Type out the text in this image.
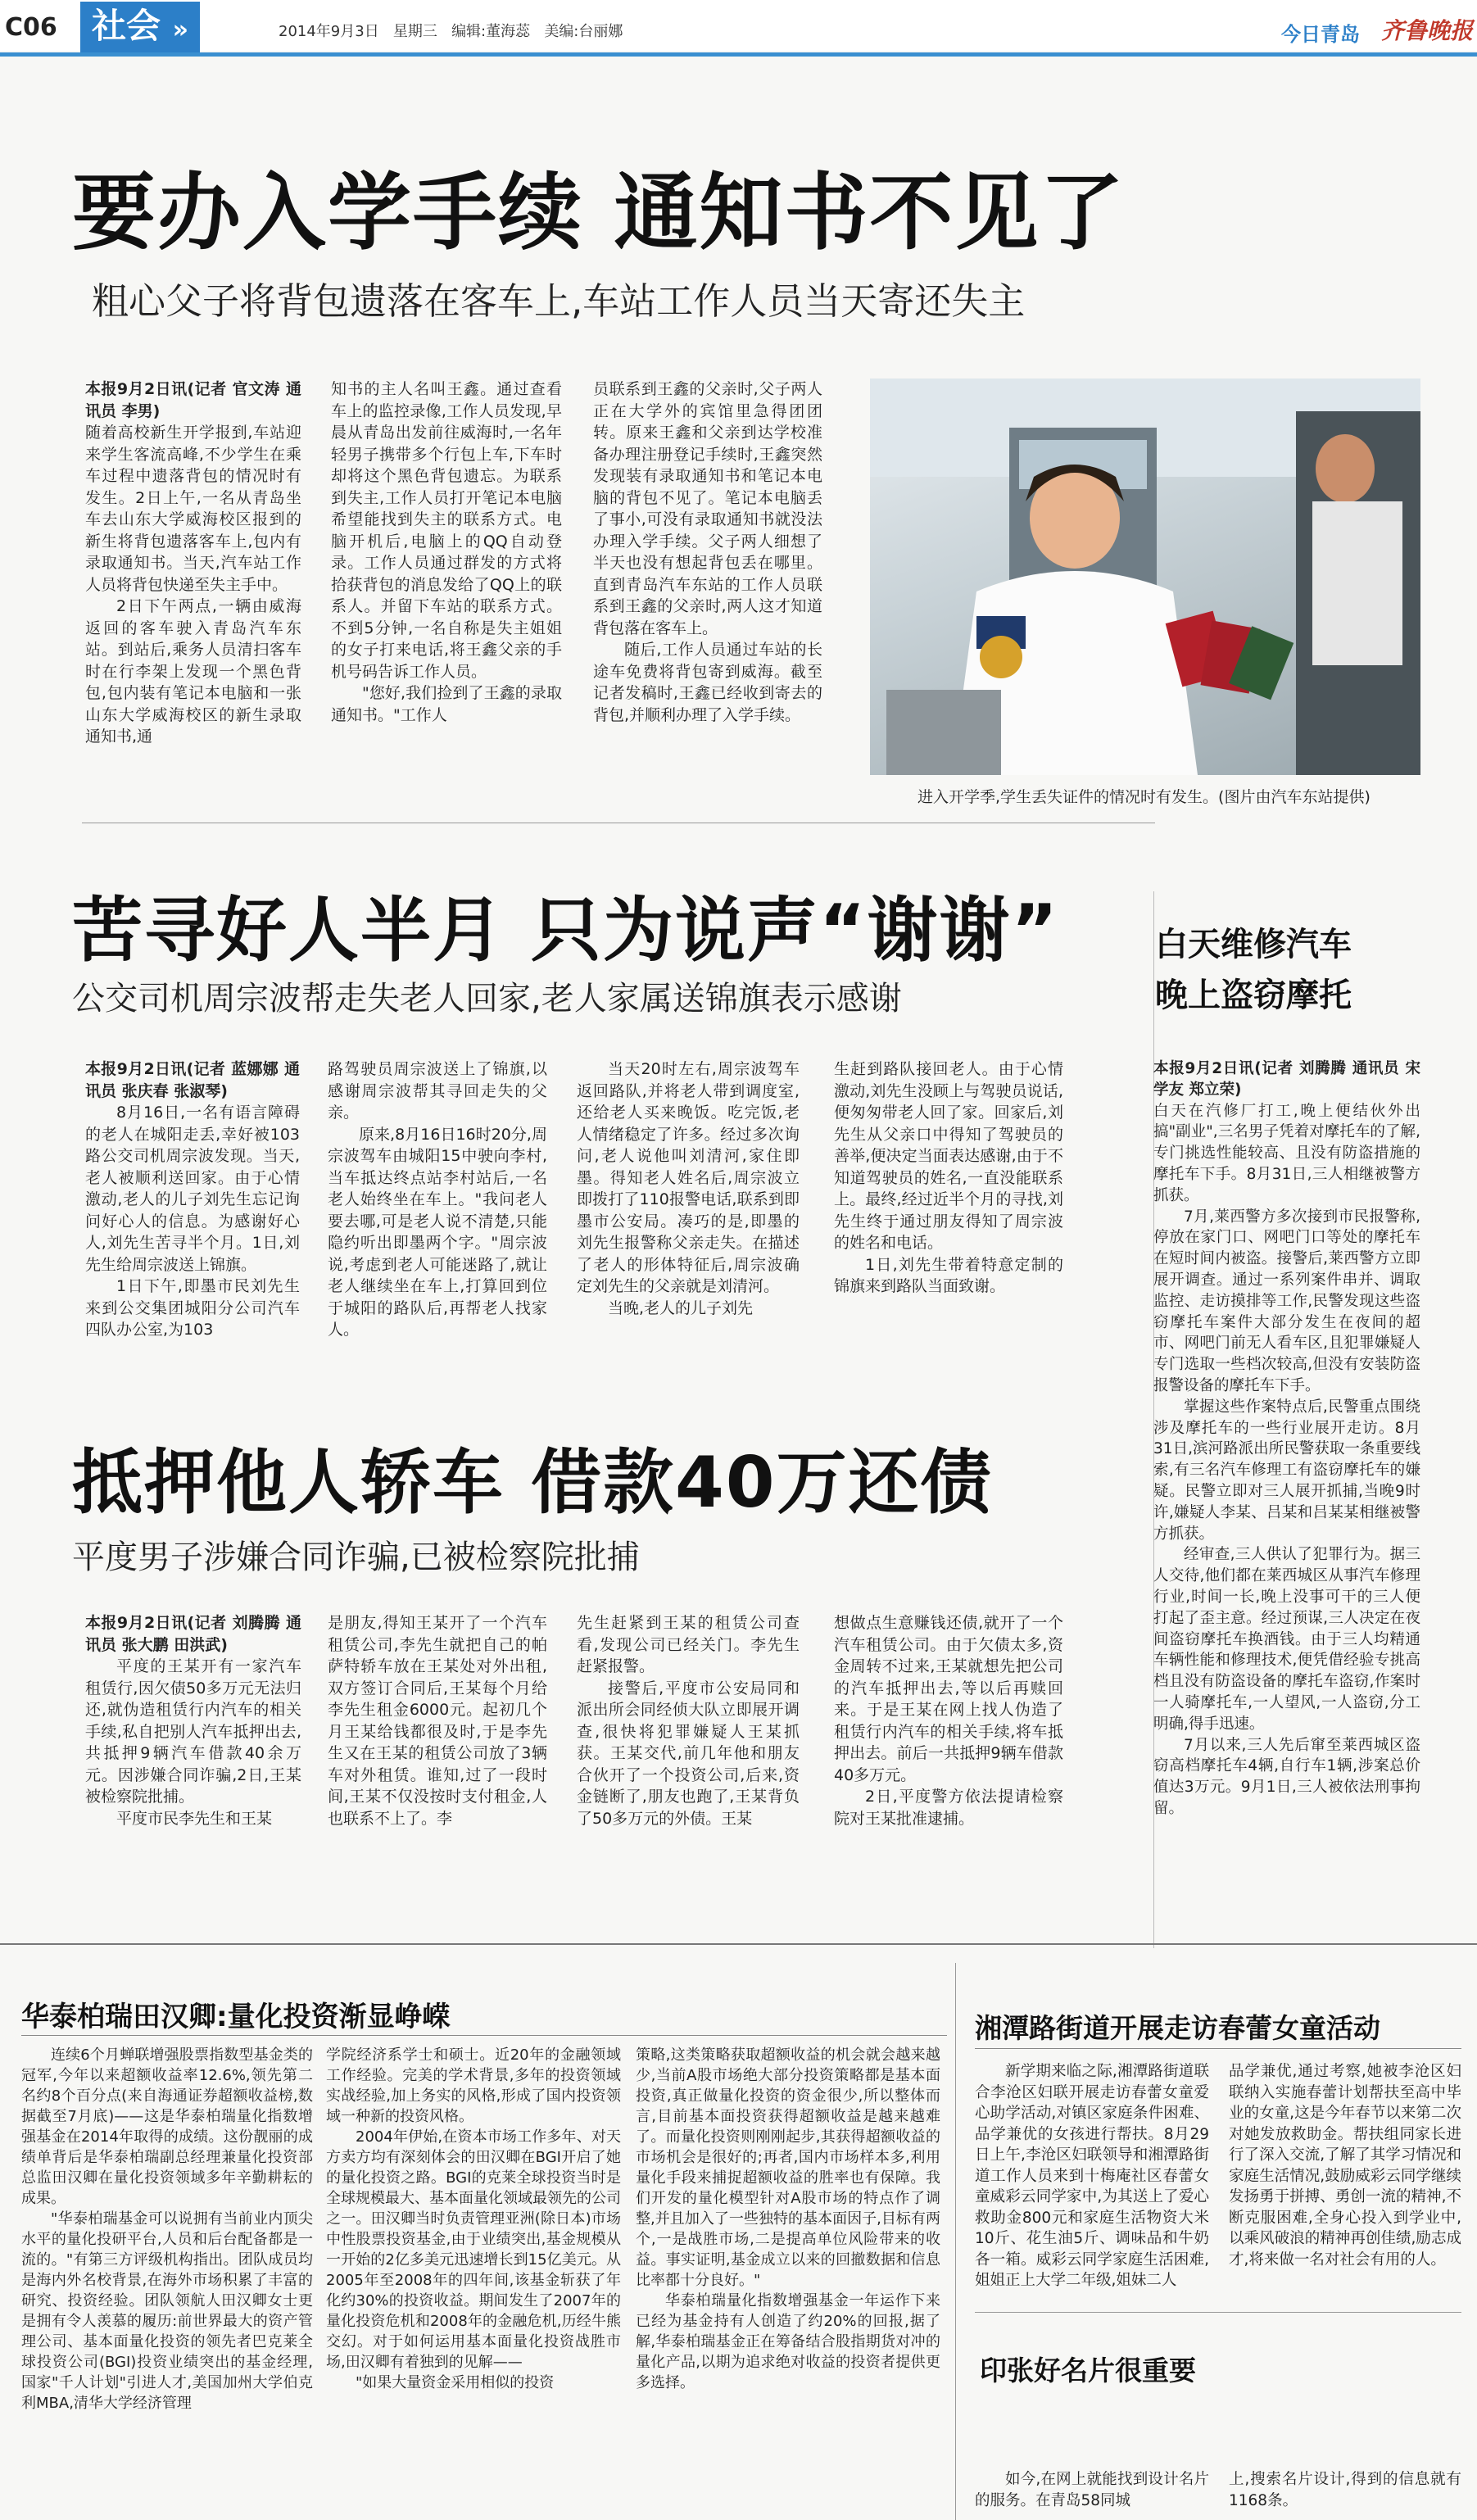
C06	社会 »	2014年9月3日 星期三 编辑:董海蕊 美编:台丽娜	今日青岛 齐鲁晚报
要办入学手续 通知书不见了
粗心父子将背包遗落在客车上,车站工作人员当天寄还失主

本报9月2日讯(记者 官文涛 通讯员 李男)

随着高校新生开学报到,车站迎来学生客流高峰,不少学生在乘车过程中遗落背包的情况时有发生。2日上午,一名从青岛坐车去山东大学威海校区报到的新生将背包遗落客车上,包内有录取通知书。当天,汽车站工作人员将背包快递至失主手中。

2日下午两点,一辆由威海返回的客车驶入青岛汽车东站。到站后,乘务人员清扫客车时在行李架上发现一个黑色背包,包内装有笔记本电脑和一张山东大学威海校区的新生录取通知书,通

知书的主人名叫王鑫。通过查看车上的监控录像,工作人员发现,早晨从青岛出发前往威海时,一名年轻男子携带多个行包上车,下车时却将这个黑色背包遗忘。为联系到失主,工作人员打开笔记本电脑希望能找到失主的联系方式。电脑开机后,电脑上的QQ自动登录。工作人员通过群发的方式将拾获背包的消息发给了QQ上的联系人。并留下车站的联系方式。不到5分钟,一名自称是失主姐姐的女子打来电话,将王鑫父亲的手机号码告诉工作人员。

"您好,我们捡到了王鑫的录取通知书。"工作人

员联系到王鑫的父亲时,父子两人正在大学外的宾馆里急得团团转。原来王鑫和父亲到达学校准备办理注册登记手续时,王鑫突然发现装有录取通知书和笔记本电脑的背包不见了。笔记本电脑丢了事小,可没有录取通知书就没法办理入学手续。父子两人细想了半天也没有想起背包丢在哪里。直到青岛汽车东站的工作人员联系到王鑫的父亲时,两人这才知道背包落在客车上。

随后,工作人员通过车站的长途车免费将背包寄到威海。截至记者发稿时,王鑫已经收到寄去的背包,并顺利办理了入学手续。

进入开学季,学生丢失证件的情况时有发生。(图片由汽车东站提供)
苦寻好人半月 只为说声“谢谢”
公交司机周宗波帮走失老人回家,老人家属送锦旗表示感谢

本报9月2日讯(记者 蓝娜娜 通讯员 张庆春 张淑琴)

8月16日,一名有语言障碍的老人在城阳走丢,幸好被103路公交司机周宗波发现。当天,老人被顺利送回家。由于心情激动,老人的儿子刘先生忘记询问好心人的信息。为感谢好心人,刘先生苦寻半个月。1日,刘先生给周宗波送上锦旗。

1日下午,即墨市民刘先生来到公交集团城阳分公司汽车四队办公室,为103

路驾驶员周宗波送上了锦旗,以感谢周宗波帮其寻回走失的父亲。

原来,8月16日16时20分,周宗波驾车由城阳15中驶向李村,当车抵达终点站李村站后,一名老人始终坐在车上。"我问老人要去哪,可是老人说不清楚,只能隐约听出即墨两个字。"周宗波说,考虑到老人可能迷路了,就让老人继续坐在车上,打算回到位于城阳的路队后,再帮老人找家人。

当天20时左右,周宗波驾车返回路队,并将老人带到调度室,还给老人买来晚饭。吃完饭,老人情绪稳定了许多。经过多次询问,老人说他叫刘清河,家住即墨。得知老人姓名后,周宗波立即拨打了110报警电话,联系到即墨市公安局。凑巧的是,即墨的刘先生报警称父亲走失。在描述了老人的形体特征后,周宗波确定刘先生的父亲就是刘清河。

当晚,老人的儿子刘先

生赶到路队接回老人。由于心情激动,刘先生没顾上与驾驶员说话,便匆匆带老人回了家。回家后,刘先生从父亲口中得知了驾驶员的善举,便决定当面表达感谢,由于不知道驾驶员的姓名,一直没能联系上。最终,经过近半个月的寻找,刘先生终于通过朋友得知了周宗波的姓名和电话。

1日,刘先生带着特意定制的锦旗来到路队当面致谢。

抵押他人轿车 借款40万还债
平度男子涉嫌合同诈骗,已被检察院批捕

本报9月2日讯(记者 刘腾腾 通讯员 张大鹏 田洪武)

平度的王某开有一家汽车租赁行,因欠债50多万元无法归还,就伪造租赁行内汽车的相关手续,私自把别人汽车抵押出去,共抵押9辆汽车借款40余万元。因涉嫌合同诈骗,2日,王某被检察院批捕。

平度市民李先生和王某

是朋友,得知王某开了一个汽车租赁公司,李先生就把自己的帕萨特轿车放在王某处对外出租,双方签订合同后,王某每个月给李先生租金6000元。起初几个月王某给钱都很及时,于是李先生又在王某的租赁公司放了3辆车对外租赁。谁知,过了一段时间,王某不仅没按时支付租金,人也联系不上了。李

先生赶紧到王某的租赁公司查看,发现公司已经关门。李先生赶紧报警。

接警后,平度市公安局同和派出所会同经侦大队立即展开调查,很快将犯罪嫌疑人王某抓获。王某交代,前几年他和朋友合伙开了一个投资公司,后来,资金链断了,朋友也跑了,王某背负了50多万元的外债。王某

想做点生意赚钱还债,就开了一个汽车租赁公司。由于欠债太多,资金周转不过来,王某就想先把公司的汽车抵押出去,等以后再赎回来。于是王某在网上找人伪造了租赁行内汽车的相关手续,将车抵押出去。前后一共抵押9辆车借款40多万元。

2日,平度警方依法提请检察院对王某批准逮捕。

白天维修汽车
晚上盗窃摩托

本报9月2日讯(记者 刘腾腾 通讯员 宋学友 郑立荣)

白天在汽修厂打工,晚上便结伙外出搞"副业",三名男子凭着对摩托车的了解,专门挑选性能较高、且没有防盗措施的摩托车下手。8月31日,三人相继被警方抓获。

7月,莱西警方多次接到市民报警称,停放在家门口、网吧门口等处的摩托车在短时间内被盗。接警后,莱西警方立即展开调查。通过一系列案件串并、调取监控、走访摸排等工作,民警发现这些盗窃摩托车案件大部分发生在夜间的超市、网吧门前无人看车区,且犯罪嫌疑人专门选取一些档次较高,但没有安装防盗报警设备的摩托车下手。

掌握这些作案特点后,民警重点围绕涉及摩托车的一些行业展开走访。8月31日,滨河路派出所民警获取一条重要线索,有三名汽车修理工有盗窃摩托车的嫌疑。民警立即对三人展开抓捕,当晚9时许,嫌疑人李某、吕某和吕某某相继被警方抓获。

经审查,三人供认了犯罪行为。据三人交待,他们都在莱西城区从事汽车修理行业,时间一长,晚上没事可干的三人便打起了歪主意。经过预谋,三人决定在夜间盗窃摩托车换酒钱。由于三人均精通车辆性能和修理技术,便凭借经验专挑高档且没有防盗设备的摩托车盗窃,作案时一人骑摩托车,一人望风,一人盗窃,分工明确,得手迅速。

7月以来,三人先后窜至莱西城区盗窃高档摩托车4辆,自行车1辆,涉案总价值达3万元。9月1日,三人被依法刑事拘留。

华泰柏瑞田汉卿:量化投资渐显峥嵘

连续6个月蝉联增强股票指数型基金类的冠军,今年以来超额收益率12.6%,领先第二名约8个百分点(来自海通证券超额收益榜,数据截至7月底)——这是华泰柏瑞量化指数增强基金在2014年取得的成绩。这份靓丽的成绩单背后是华泰柏瑞副总经理兼量化投资部总监田汉卿在量化投资领域多年辛勤耕耘的成果。

"华泰柏瑞基金可以说拥有当前业内顶尖水平的量化投研平台,人员和后台配备都是一流的。"有第三方评级机构指出。团队成员均是海内外名校背景,在海外市场积累了丰富的研究、投资经验。团队领航人田汉卿女士更是拥有令人羡慕的履历:前世界最大的资产管理公司、基本面量化投资的领先者巴克莱全球投资公司(BGI)投资业绩突出的基金经理,国家"千人计划"引进人才,美国加州大学伯克利MBA,清华大学经济管理

学院经济系学士和硕士。近20年的金融领域工作经验。完美的学术背景,多年的投资领域实战经验,加上务实的风格,形成了国内投资领域一种新的投资风格。

2004年伊始,在资本市场工作多年、对天方卖方均有深刻体会的田汉卿在BGI开启了她的量化投资之路。BGI的克莱全球投资当时是全球规模最大、基本面量化领域最领先的公司之一。田汉卿当时负责管理亚洲(除日本)市场中性股票投资基金,由于业绩突出,基金规模从一开始的2亿多美元迅速增长到15亿美元。从2005年至2008年的四年间,该基金斩获了年化约30%的投资收益。期间发生了2007年的量化投资危机和2008年的金融危机,历经牛熊交幻。对于如何运用基本面量化投资战胜市场,田汉卿有着独到的见解——

"如果大量资金采用相似的投资

策略,这类策略获取超额收益的机会就会越来越少,当前A股市场绝大部分投资策略都是基本面投资,真正做量化投资的资金很少,所以整体而言,目前基本面投资获得超额收益是越来越难了。而量化投资则刚刚起步,其获得超额收益的市场机会是很好的;再者,国内市场样本多,利用量化手段来捕捉超额收益的胜率也有保障。我们开发的量化模型针对A股市场的特点作了调整,并且加入了一些独特的基本面因子,目标有两个,一是战胜市场,二是提高单位风险带来的收益。事实证明,基金成立以来的回撤数据和信息比率都十分良好。"

华泰柏瑞量化指数增强基金一年运作下来已经为基金持有人创造了约20%的回报,据了解,华泰柏瑞基金正在筹备结合股指期货对冲的量化产品,以期为追求绝对收益的投资者提供更多选择。

湘潭路街道开展走访春蕾女童活动

新学期来临之际,湘潭路街道联合李沧区妇联开展走访春蕾女童爱心助学活动,对镇区家庭条件困难、品学兼优的女孩进行帮扶。8月29日上午,李沧区妇联领导和湘潭路街道工作人员来到十梅庵社区春蕾女童威彩云同学家中,为其送上了爱心救助金800元和家庭生活物资大米10斤、花生油5斤、调味品和牛奶各一箱。威彩云同学家庭生活困难,姐姐正上大学二年级,姐妹二人

品学兼优,通过考察,她被李沧区妇联纳入实施春蕾计划帮扶至高中毕业的女童,这是今年春节以来第二次对她发放救助金。帮扶组同家长进行了深入交流,了解了其学习情况和家庭生活情况,鼓励威彩云同学继续发扬勇于拼搏、勇创一流的精神,不断克服困难,全身心投入到学业中,以乘风破浪的精神再创佳绩,励志成才,将来做一名对社会有用的人。

印张好名片很重要

如今,在网上就能找到设计名片的服务。在青岛58同城

上,搜索名片设计,得到的信息就有1168条。
